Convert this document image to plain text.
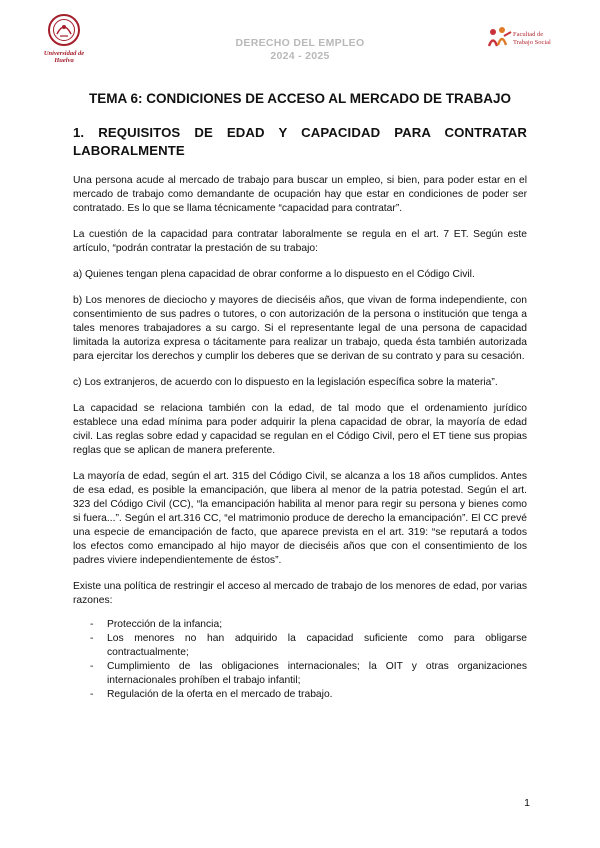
Universidad de Huelva
DERECHO DEL EMPLEO
2024 - 2025
Facultad de
Trabajo Social
TEMA 6: CONDICIONES DE ACCESO AL MERCADO DE TRABAJO
1. REQUISITOS DE EDAD Y CAPACIDAD PARA CONTRATAR LABORALMENTE

Una persona acude al mercado de trabajo para buscar un empleo, si bien, para poder estar en el mercado de trabajo como demandante de ocupación hay que estar en condiciones de poder ser contratado. Es lo que se llama técnicamente “capacidad para contratar”.

La cuestión de la capacidad para contratar laboralmente se regula en el art. 7 ET. Según este artículo, “podrán contratar la prestación de su trabajo:

a) Quienes tengan plena capacidad de obrar conforme a lo dispuesto en el Código Civil.

b) Los menores de dieciocho y mayores de dieciséis años, que vivan de forma independiente, con consentimiento de sus padres o tutores, o con autorización de la persona o institución que tenga a tales menores trabajadores a su cargo. Si el representante legal de una persona de capacidad limitada la autoriza expresa o tácitamente para realizar un trabajo, queda ésta también autorizada para ejercitar los derechos y cumplir los deberes que se derivan de su contrato y para su cesación.

c) Los extranjeros, de acuerdo con lo dispuesto en la legislación específica sobre la materia”.

La capacidad se relaciona también con la edad, de tal modo que el ordenamiento jurídico establece una edad mínima para poder adquirir la plena capacidad de obrar, la mayoría de edad civil. Las reglas sobre edad y capacidad se regulan en el Código Civil, pero el ET tiene sus propias reglas que se aplican de manera preferente.

La mayoría de edad, según el art. 315 del Código Civil, se alcanza a los 18 años cumplidos. Antes de esa edad, es posible la emancipación, que libera al menor de la patria potestad. Según el art. 323 del Código Civil (CC), “la emancipación habilita al menor para regir su persona y bienes como si fuera...”. Según el art.316 CC, “el matrimonio produce de derecho la emancipación”. El CC prevé una especie de emancipación de facto, que aparece prevista en el art. 319: “se reputará a todos los efectos como emancipado al hijo mayor de dieciséis años que con el consentimiento de los padres viviere independientemente de éstos”.

Existe una política de restringir el acceso al mercado de trabajo de los menores de edad, por varias razones:

- Protección de la infancia;
- Los menores no han adquirido la capacidad suficiente como para obligarse contractualmente;
- Cumplimiento de las obligaciones internacionales; la OIT y otras organizaciones internacionales prohíben el trabajo infantil;
- Regulación de la oferta en el mercado de trabajo.
1
